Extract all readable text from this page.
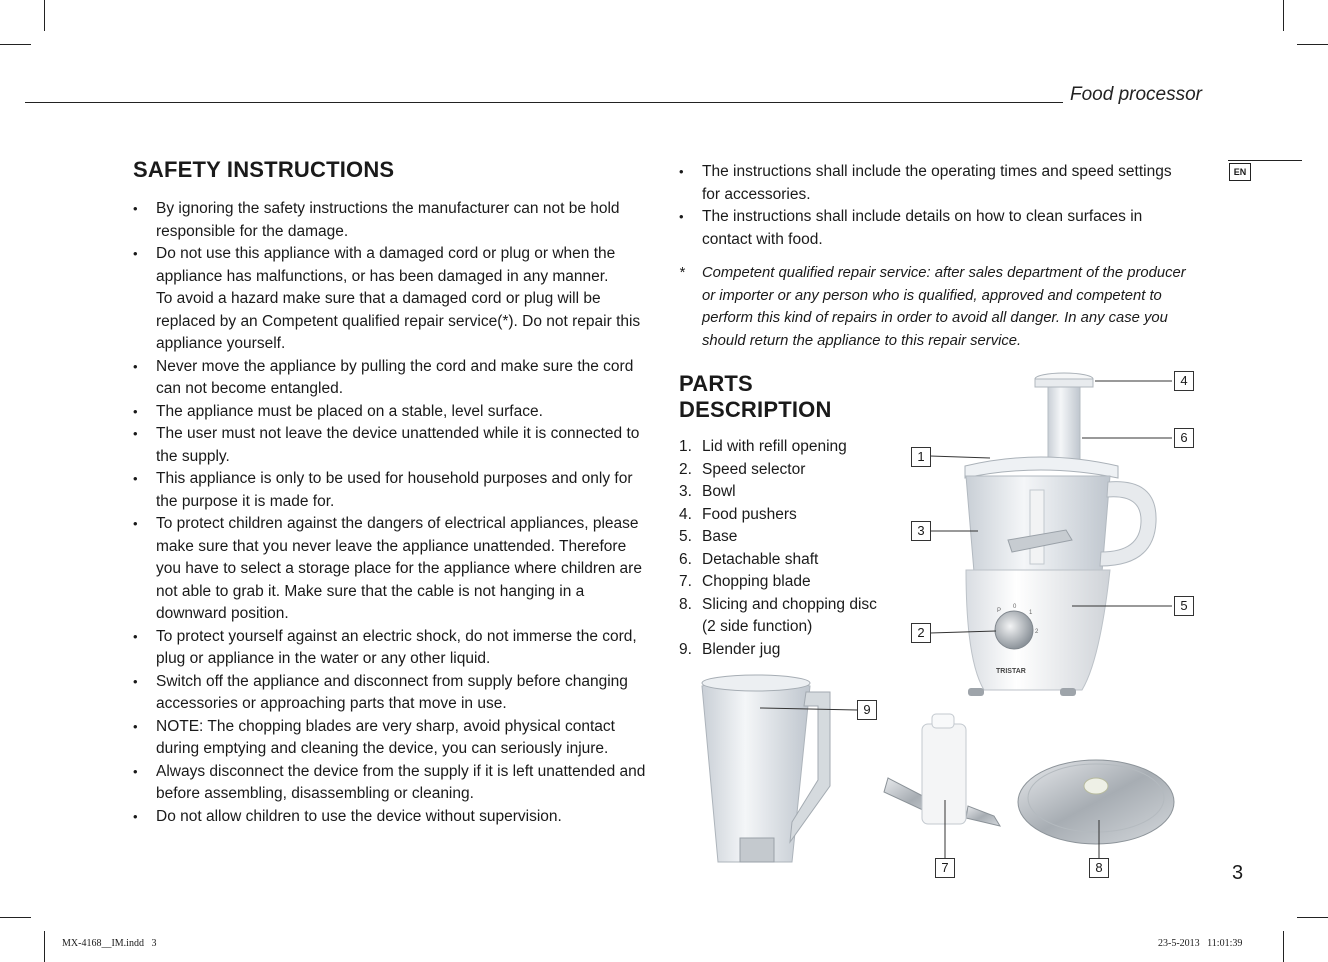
Food processor
EN
SAFETY INSTRUCTIONS
• By ignoring the safety instructions the manufacturer can not be hold responsible for the damage.
• Do not use this appliance with a damaged cord or plug or when the appliance has malfunctions, or has been damaged in any manner.
To avoid a hazard make sure that a damaged cord or plug will be replaced by an Competent qualified repair service(*). Do not repair this appliance yourself.
• Never move the appliance by pulling the cord and make sure the cord can not become entangled.
• The appliance must be placed on a stable, level surface.
• The user must not leave the device unattended while it is connected to the supply.
• This appliance is only to be used for household purposes and only for the purpose it is made for.
• To protect children against the dangers of electrical appliances, please make sure that you never leave the appliance unattended. Therefore you have to select a storage place for the appliance where children are not able to grab it. Make sure that the cable is not hanging in a downward position.
• To protect yourself against an electric shock, do not immerse the cord, plug or appliance in the water or any other liquid.
• Switch off the appliance and disconnect from supply before changing accessories or approaching parts that move in use.
• NOTE: The chopping blades are very sharp, avoid physical contact during emptying and cleaning the device, you can seriously injure.
• Always disconnect the device from the supply if it is left unattended and before assembling, disassembling or cleaning.
• Do not allow children to use the device without supervision.
• The instructions shall include the operating times and speed settings for accessories.
• The instructions shall include details on how to clean surfaces in contact with food.
*	Competent qualified repair service: after sales department of the producer or importer or any person who is qualified, approved and competent to perform this kind of repairs in order to avoid all danger. In any case you should return the appliance to this repair service.
PARTS DESCRIPTION
1. Lid with refill opening
2. Speed selector
3. Bowl
4. Food pushers
5. Base
6. Detachable shaft
7. Chopping blade
8. Slicing and chopping disc
(2 side function)
9. Blender jug
P
0
1
2
TRISTAR
4
6
1
3
5
2
9
7	8	3
MX-4168__IM.indd   3	23-5-2013   11:01:39
